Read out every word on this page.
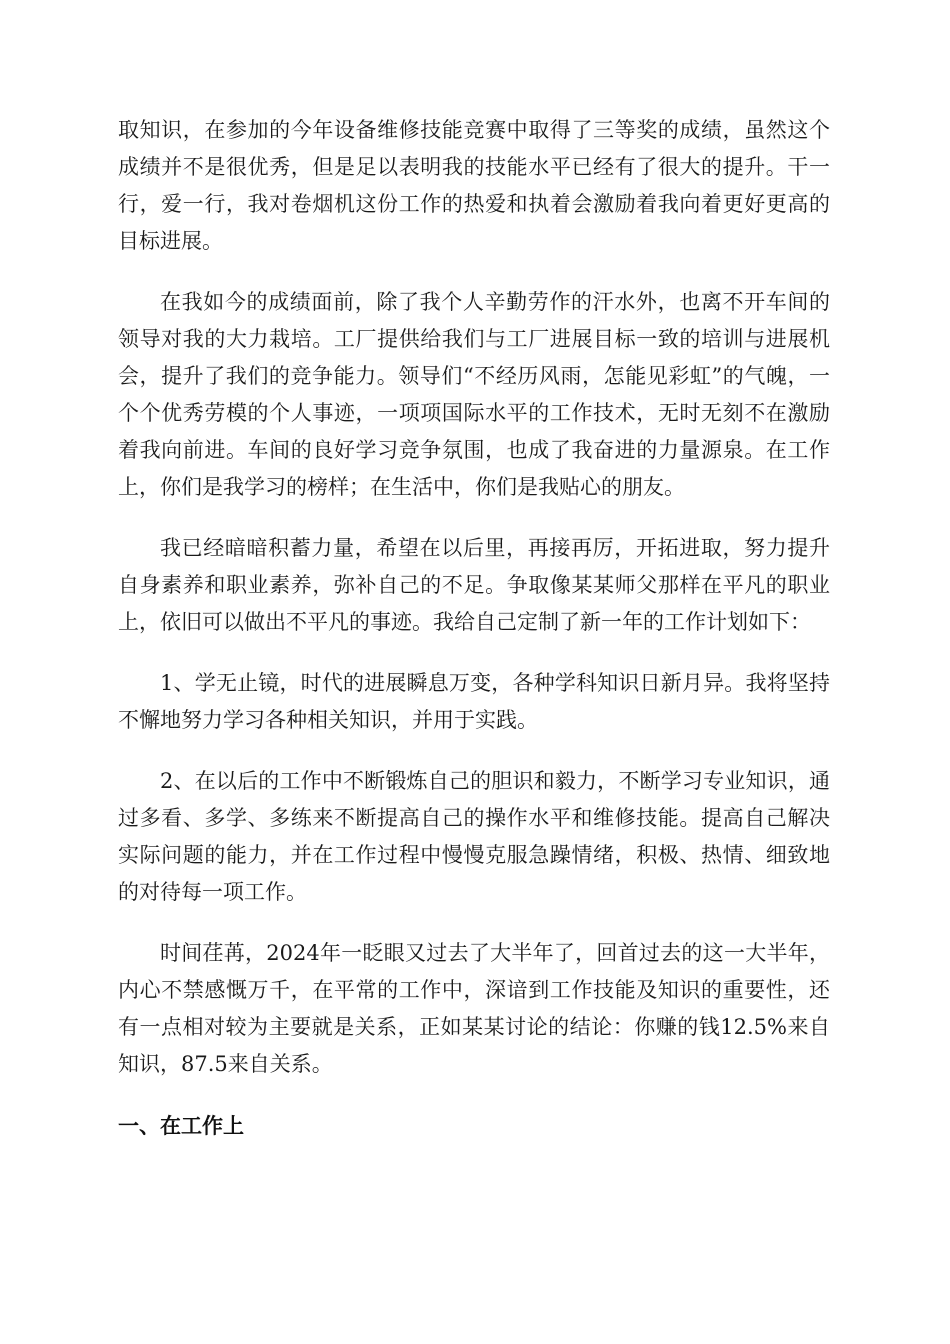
取知识，在参加的今年设备维修技能竞赛中取得了三等奖的成绩，虽然这个成绩并不是很优秀，但是足以表明我的技能水平已经有了很大的提升。干一行，爱一行，我对卷烟机这份工作的热爱和执着会激励着我向着更好更高的目标进展。

在我如今的成绩面前，除了我个人辛勤劳作的汗水外，也离不开车间的领导对我的大力栽培。工厂提供给我们与工厂进展目标一致的培训与进展机会，提升了我们的竞争能力。领导们“不经历风雨，怎能见彩虹”的气魄，一个个优秀劳模的个人事迹，一项项国际水平的工作技术，无时无刻不在激励着我向前进。车间的良好学习竞争氛围，也成了我奋进的力量源泉。在工作上，你们是我学习的榜样；在生活中，你们是我贴心的朋友。

我已经暗暗积蓄力量，希望在以后里，再接再厉，开拓进取，努力提升自身素养和职业素养，弥补自己的不足。争取像某某师父那样在平凡的职业上，依旧可以做出不平凡的事迹。我给自己定制了新一年的工作计划如下：

1、学无止镜，时代的进展瞬息万变，各种学科知识日新月异。我将坚持不懈地努力学习各种相关知识，并用于实践。

2、在以后的工作中不断锻炼自己的胆识和毅力，不断学习专业知识，通过多看、多学、多练来不断提高自己的操作水平和维修技能。提高自己解决实际问题的能力，并在工作过程中慢慢克服急躁情绪，积极、热情、细致地的对待每一项工作。

时间荏苒，2024年一眨眼又过去了大半年了，回首过去的这一大半年，内心不禁感慨万千，在平常的工作中，深谙到工作技能及知识的重要性，还有一点相对较为主要就是关系，正如某某讨论的结论：你赚的钱12.5%来自知识，87.5来自关系。

一、在工作上
